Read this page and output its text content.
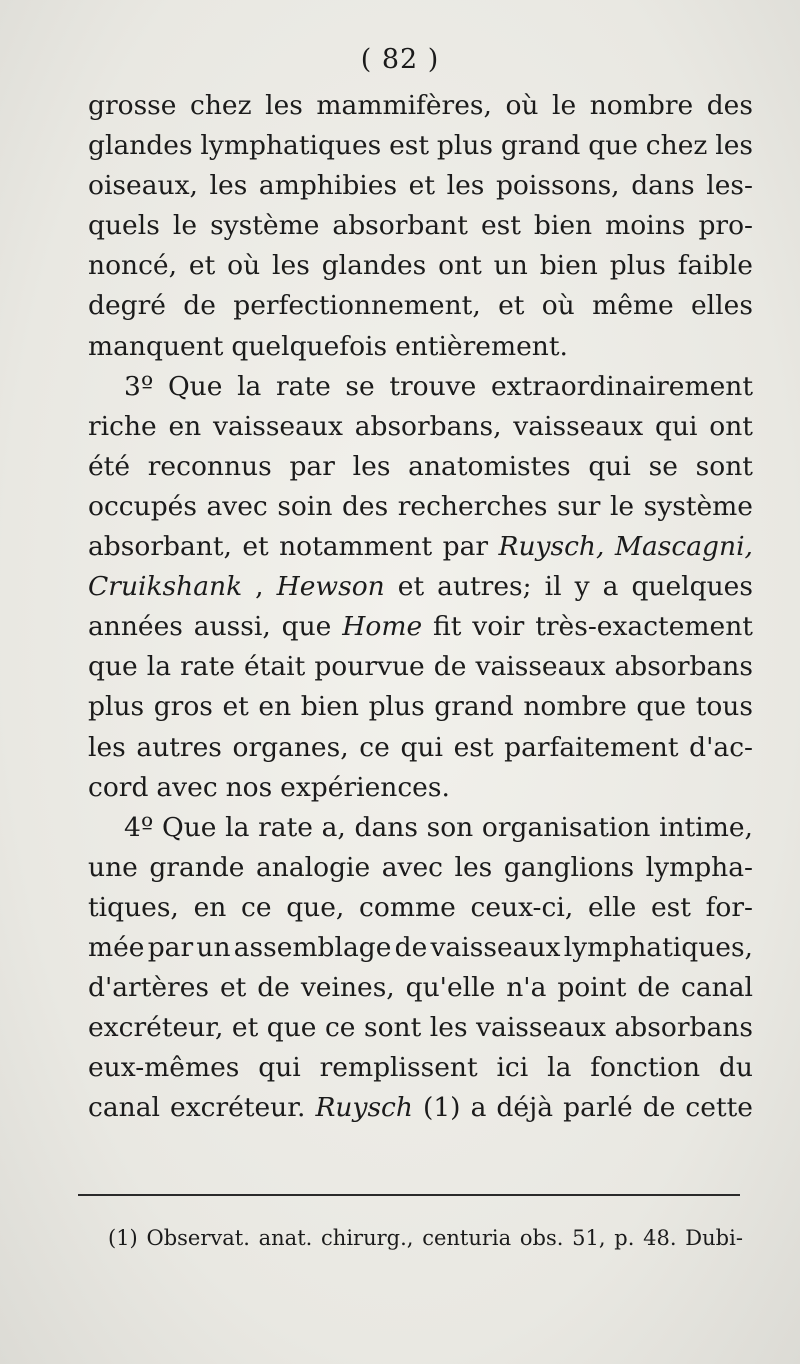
( 82 )
grosse chez les mammifères, où le nombre des
glandes lymphatiques est plus grand que chez les
oiseaux, les amphibies et les poissons, dans les-
quels le système absorbant est bien moins pro-
noncé, et où les glandes ont un bien plus faible
degré de perfectionnement, et où même elles
manquent quelquefois entièrement.
3º Que la rate se trouve extraordinairement
riche en vaisseaux absorbans, vaisseaux qui ont
été reconnus par les anatomistes qui se sont
occupés avec soin des recherches sur le système
absorbant, et notamment par Ruysch, Mascagni,
Cruikshank , Hewson et autres; il y a quelques
années aussi, que Home fit voir très-exactement
que la rate était pourvue de vaisseaux absorbans
plus gros et en bien plus grand nombre que tous
les autres organes, ce qui est parfaitement d'ac-
cord avec nos expériences.
4º Que la rate a, dans son organisation intime,
une grande analogie avec les ganglions lympha-
tiques, en ce que, comme ceux-ci, elle est for-
mée par un assemblage de vaisseaux lymphatiques,
d'artères et de veines, qu'elle n'a point de canal
excréteur, et que ce sont les vaisseaux absorbans
eux-mêmes qui remplissent ici la fonction du
canal excréteur. Ruysch (1) a déjà parlé de cette
(1) Observat. anat. chirurg., centuria obs. 51, p. 48. Dubi-
